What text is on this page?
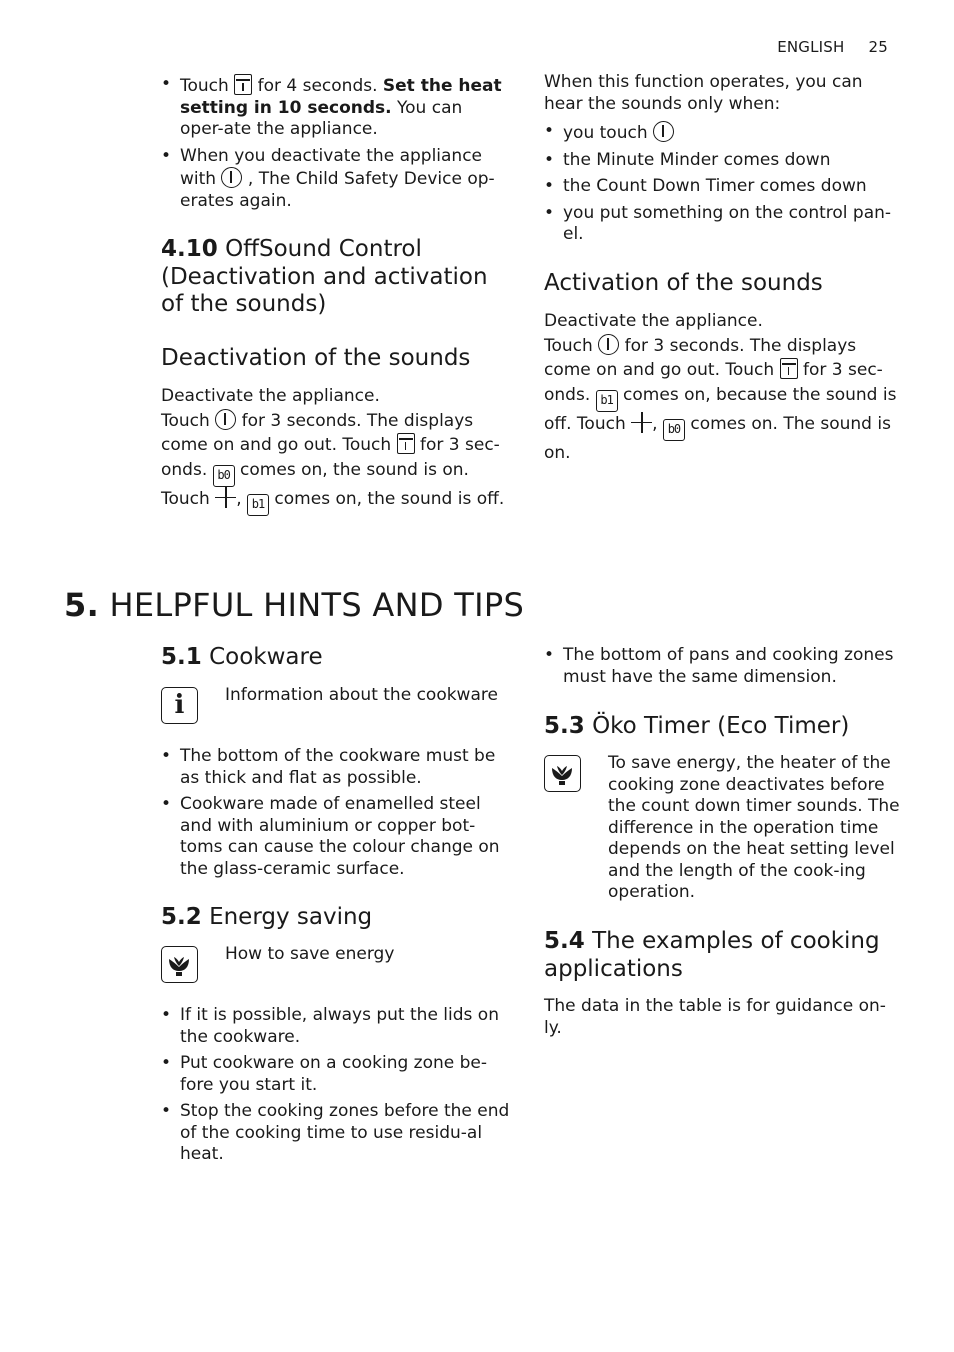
ENGLISH 25
• Touch for 4 seconds. Set the heat setting in 10 seconds. You can oper-ate the appliance.
• When you deactivate the appliance with , The Child Safety Device op-erates again.
4.10 OffSound Control (Deactivation and activation of the sounds)
Deactivation of the sounds

Deactivate the appliance.
Touch for 3 seconds. The displays come on and go out. Touch for 3 sec-onds. b0 comes on, the sound is on. Touch , b1 comes on, the sound is off.

When this function operates, you can hear the sounds only when:

• you touch
• the Minute Minder comes down
• the Count Down Timer comes down
• you put something on the control pan-el.
Activation of the sounds

Deactivate the appliance.
Touch for 3 seconds. The displays come on and go out. Touch for 3 sec-onds. b1 comes on, because the sound is off. Touch , b0 comes on. The sound is on.

5. HELPFUL HINTS AND TIPS
5.1 Cookware
i	Information about the cookware

• The bottom of the cookware must be as thick and flat as possible.
• Cookware made of enamelled steel and with aluminium or copper bot-toms can cause the colour change on the glass-ceramic surface.
5.2 Energy saving

How to save energy

• If it is possible, always put the lids on the cookware.
• Put cookware on a cooking zone be-fore you start it.
• Stop the cooking zones before the end of the cooking time to use residu-al heat.
• The bottom of pans and cooking zones must have the same dimension.
5.3 Öko Timer (Eco Timer)

To save energy, the heater of the cooking zone deactivates before the count down timer sounds. The difference in the operation time depends on the heat setting level and the length of the cook-ing operation.

5.4 The examples of cooking applications

The data in the table is for guidance on-ly.
